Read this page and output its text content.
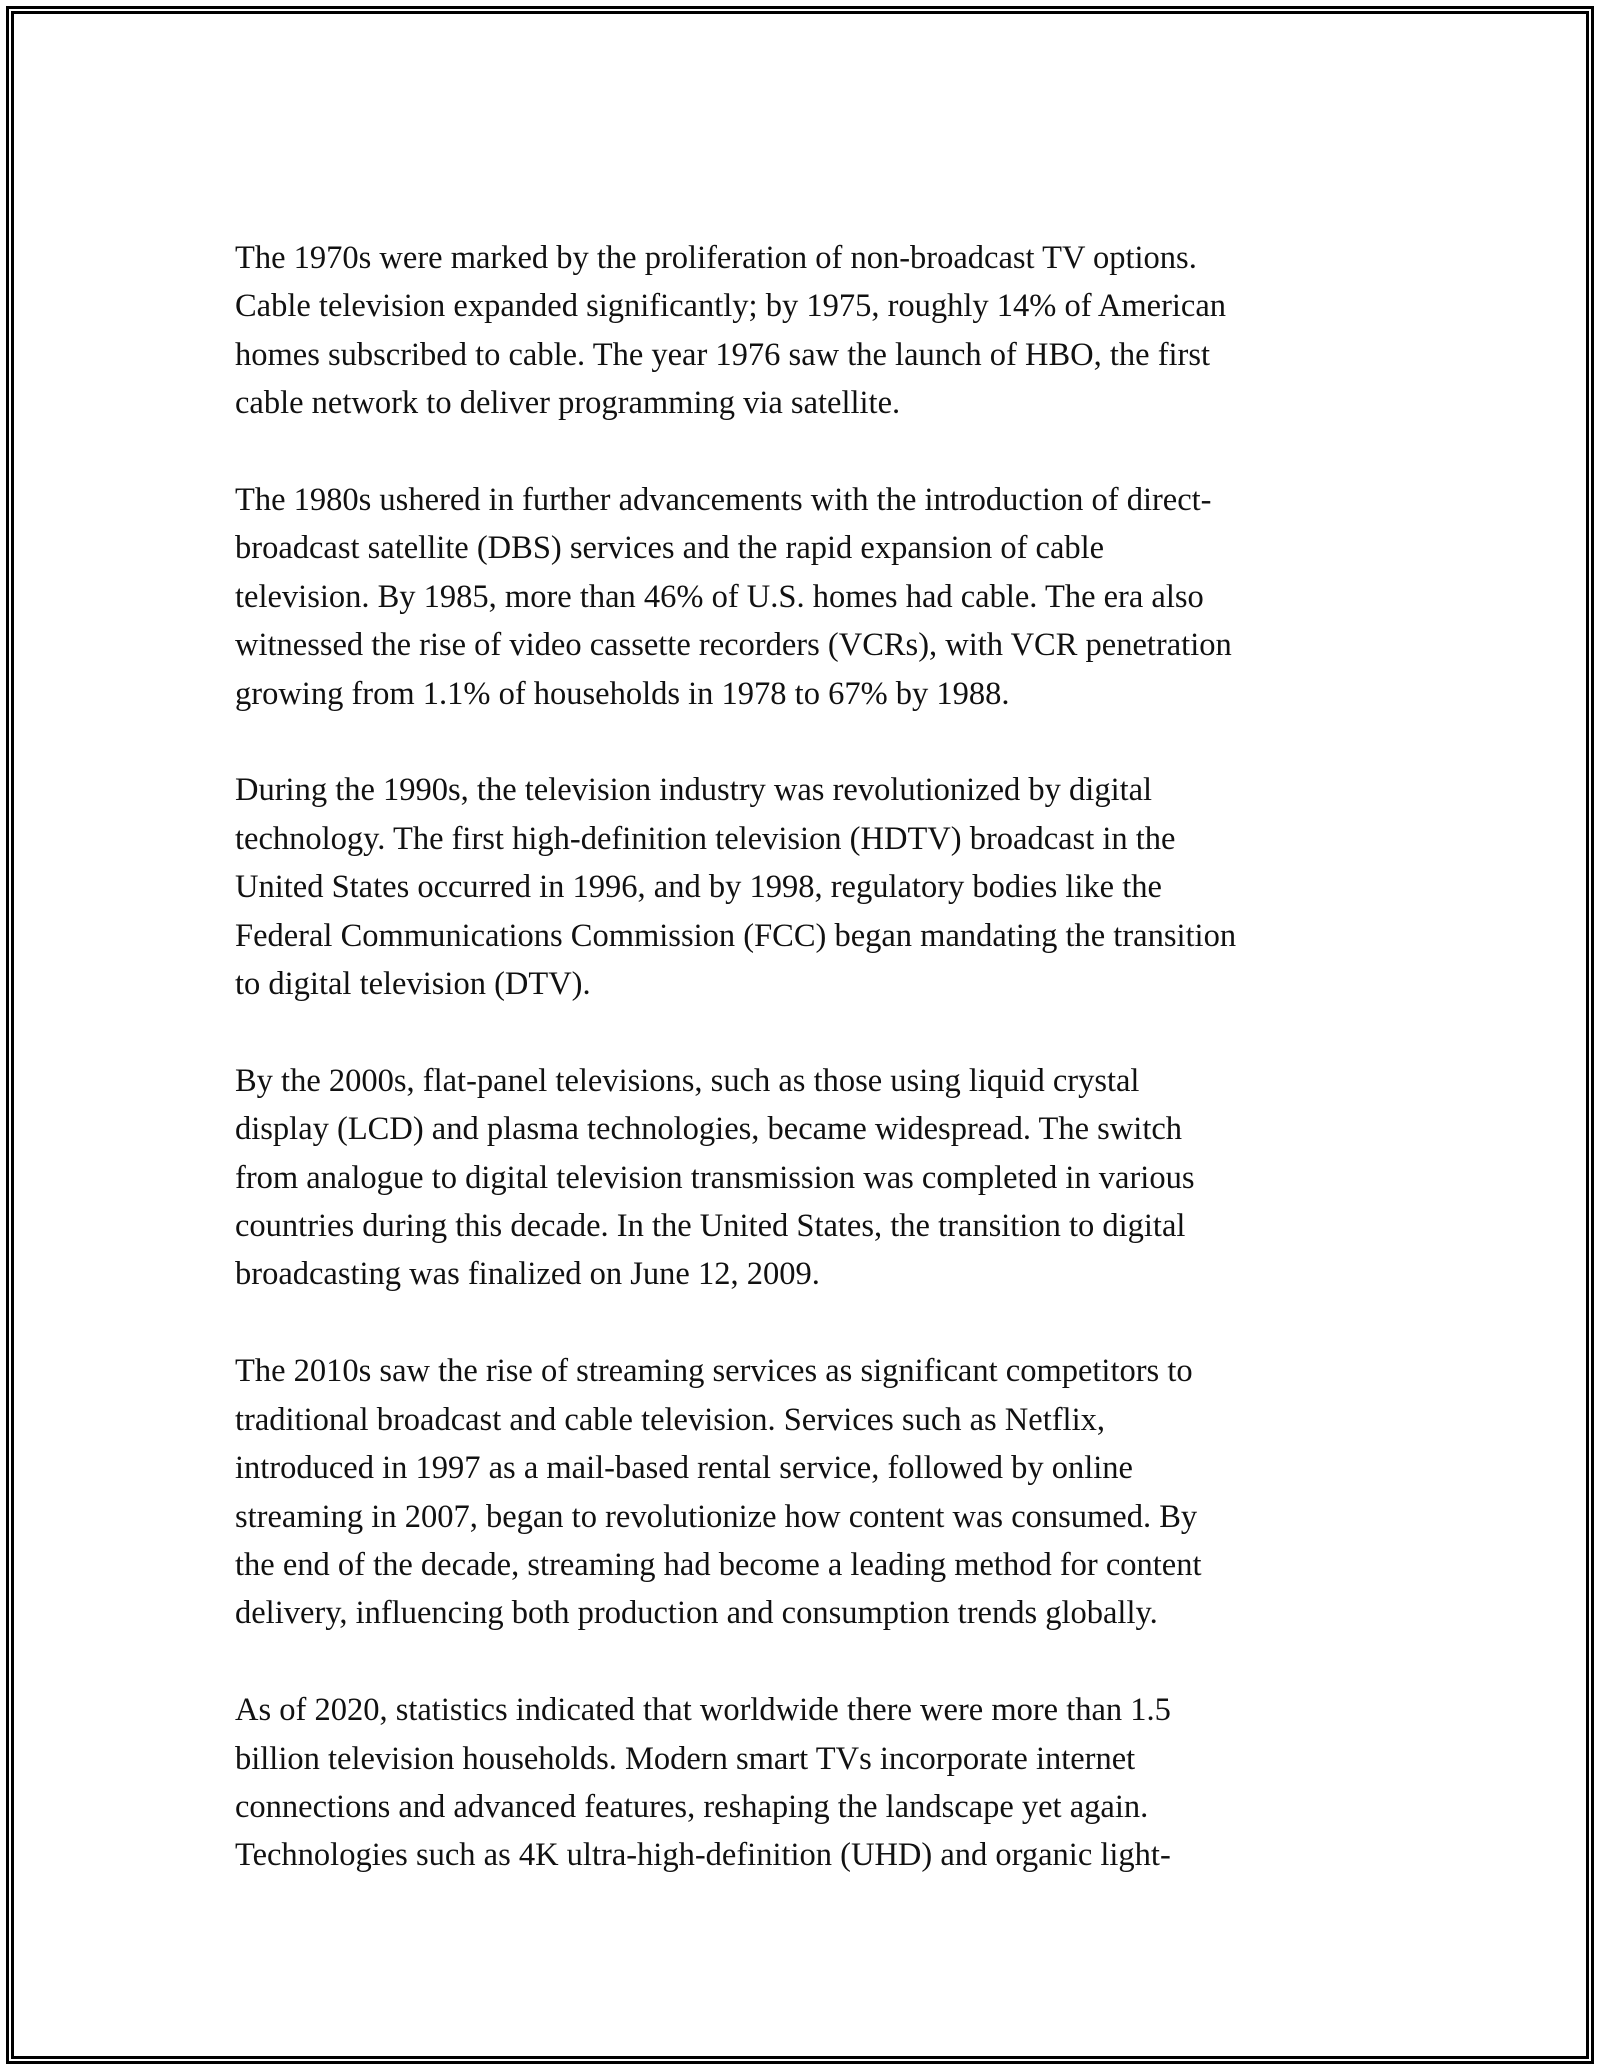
The 1970s were marked by the proliferation of non-broadcast TV options.
Cable television expanded significantly; by 1975, roughly 14% of American
homes subscribed to cable. The year 1976 saw the launch of HBO, the first
cable network to deliver programming via satellite.
The 1980s ushered in further advancements with the introduction of direct-
broadcast satellite (DBS) services and the rapid expansion of cable
television. By 1985, more than 46% of U.S. homes had cable. The era also
witnessed the rise of video cassette recorders (VCRs), with VCR penetration
growing from 1.1% of households in 1978 to 67% by 1988.
During the 1990s, the television industry was revolutionized by digital
technology. The first high-definition television (HDTV) broadcast in the
United States occurred in 1996, and by 1998, regulatory bodies like the
Federal Communications Commission (FCC) began mandating the transition
to digital television (DTV).
By the 2000s, flat-panel televisions, such as those using liquid crystal
display (LCD) and plasma technologies, became widespread. The switch
from analogue to digital television transmission was completed in various
countries during this decade. In the United States, the transition to digital
broadcasting was finalized on June 12, 2009.
The 2010s saw the rise of streaming services as significant competitors to
traditional broadcast and cable television. Services such as Netflix,
introduced in 1997 as a mail-based rental service, followed by online
streaming in 2007, began to revolutionize how content was consumed. By
the end of the decade, streaming had become a leading method for content
delivery, influencing both production and consumption trends globally.
As of 2020, statistics indicated that worldwide there were more than 1.5
billion television households. Modern smart TVs incorporate internet
connections and advanced features, reshaping the landscape yet again.
Technologies such as 4K ultra-high-definition (UHD) and organic light-
